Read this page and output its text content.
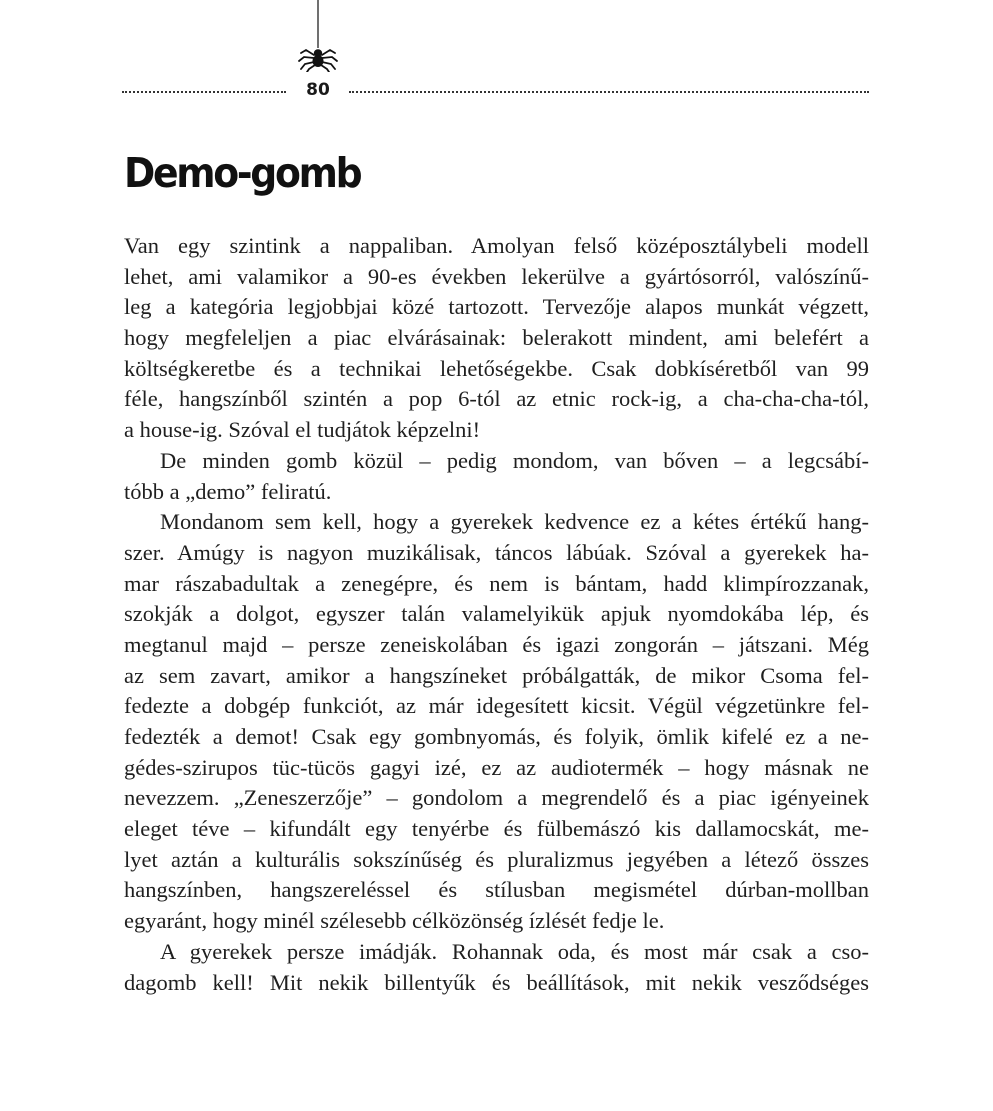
80
Demo-gomb
Van egy szintink a nappaliban. Amolyan felső középosztálybeli modell
lehet, ami valamikor a 90-es években lekerülve a gyártósorról, valószínű-
leg a kategória legjobbjai közé tartozott. Tervezője alapos munkát végzett,
hogy megfeleljen a piac elvárásainak: belerakott mindent, ami belefért a
költségkeretbe és a technikai lehetőségekbe. Csak dobkíséretből van 99
féle, hangszínből szintén a pop 6-tól az etnic rock-ig, a cha-cha-cha-tól,
a house-ig. Szóval el tudjátok képzelni!
De minden gomb közül – pedig mondom, van bőven – a legcsábí-
tóbb a „demo” feliratú.
Mondanom sem kell, hogy a gyerekek kedvence ez a kétes értékű hang-
szer. Amúgy is nagyon muzikálisak, táncos lábúak. Szóval a gyerekek ha-
mar rászabadultak a zenegépre, és nem is bántam, hadd klimpírozzanak,
szokják a dolgot, egyszer talán valamelyikük apjuk nyomdokába lép, és
megtanul majd – persze zeneiskolában és igazi zongorán – játszani. Még
az sem zavart, amikor a hangszíneket próbálgatták, de mikor Csoma fel-
fedezte a dobgép funkciót, az már idegesített kicsit. Végül végzetünkre fel-
fedezték a demot! Csak egy gombnyomás, és folyik, ömlik kifelé ez a ne-
gédes-szirupos tüc-tücös gagyi izé, ez az audiotermék – hogy másnak ne
nevezzem. „Zeneszerzője” – gondolom a megrendelő és a piac igényeinek
eleget téve – kifundált egy tenyérbe és fülbemászó kis dallamocskát, me-
lyet aztán a kulturális sokszínűség és pluralizmus jegyében a létező összes
hangszínben, hangszereléssel és stílusban megismétel dúrban-mollban
egyaránt, hogy minél szélesebb célközönség ízlését fedje le.
A gyerekek persze imádják. Rohannak oda, és most már csak a cso-
dagomb kell! Mit nekik billentyűk és beállítások, mit nekik vesződséges
